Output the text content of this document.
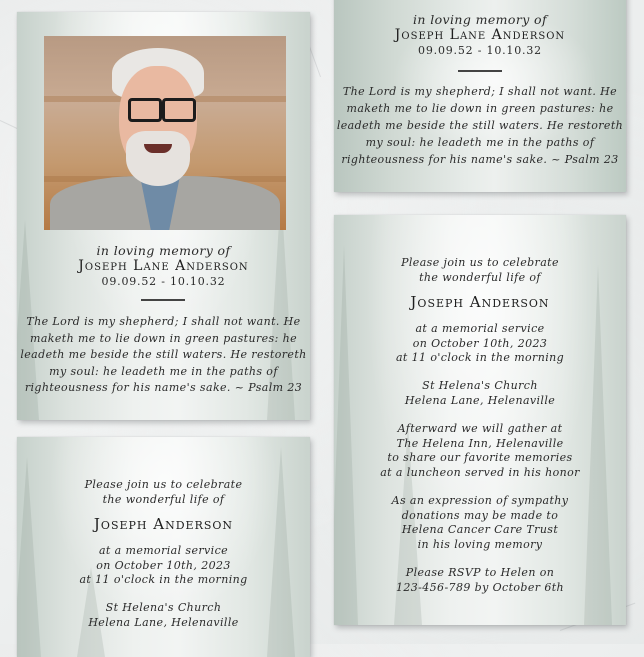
in loving memory of
Joseph Lane Anderson
09.09.52 - 10.10.32
The Lord is my shepherd; I shall not want. He
maketh me to lie down in green pastures: he
leadeth me beside the still waters. He restoreth
my soul: he leadeth me in the paths of
righteousness for his name's sake. ~ Psalm 23
in loving memory of
Joseph Lane Anderson
09.09.52 - 10.10.32
The Lord is my shepherd; I shall not want. He
maketh me to lie down in green pastures: he
leadeth me beside the still waters. He restoreth
my soul: he leadeth me in the paths of
righteousness for his name's sake. ~ Psalm 23
Please join us to celebrate
the wonderful life of
Joseph Anderson
at a memorial service
on October 10th, 2023
at 11 o'clock in the morning
St Helena's Church
Helena Lane, Helenaville
Afterward we will gather at
The Helena Inn, Helenaville
to share our favorite memories
at a luncheon served in his honor
As an expression of sympathy
donations may be made to
Helena Cancer Care Trust
in his loving memory
Please RSVP to Helen on
123-456-789 by October 6th
Please join us to celebrate
the wonderful life of
Joseph Anderson
at a memorial service
on October 10th, 2023
at 11 o'clock in the morning
St Helena's Church
Helena Lane, Helenaville
